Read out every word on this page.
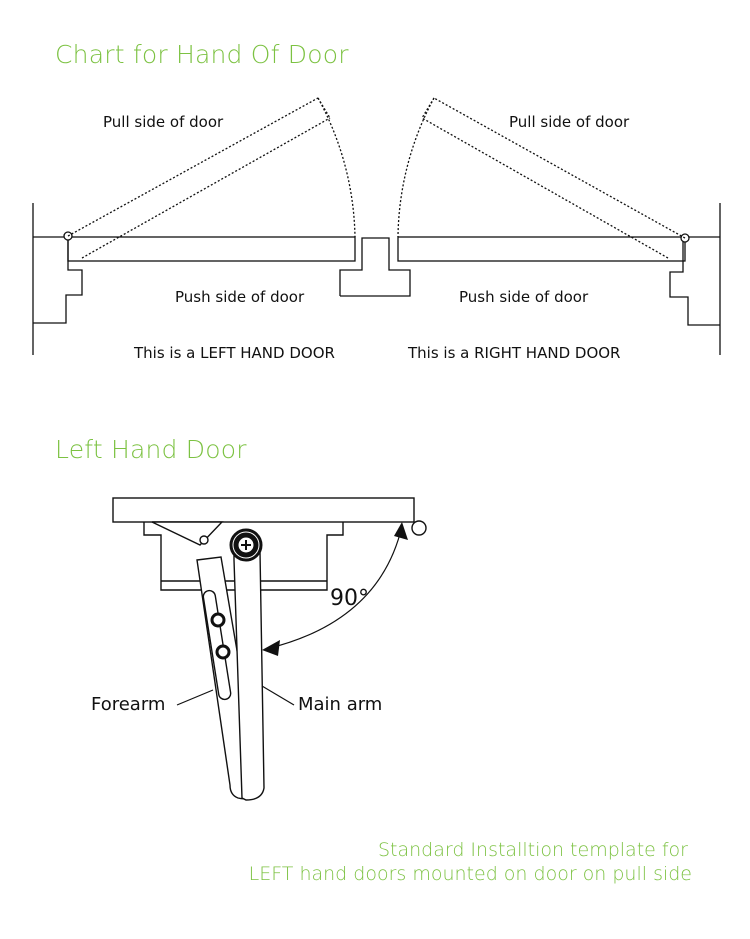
Chart for Hand Of Door
Left Hand Door
Pull side of door
Push side of door
This is a LEFT HAND DOOR
Pull side of door
Push side of door
This is a RIGHT HAND DOOR
90°
Forearm	Main arm
Standard Installtion template for
LEFT hand doors mounted on door on pull side
